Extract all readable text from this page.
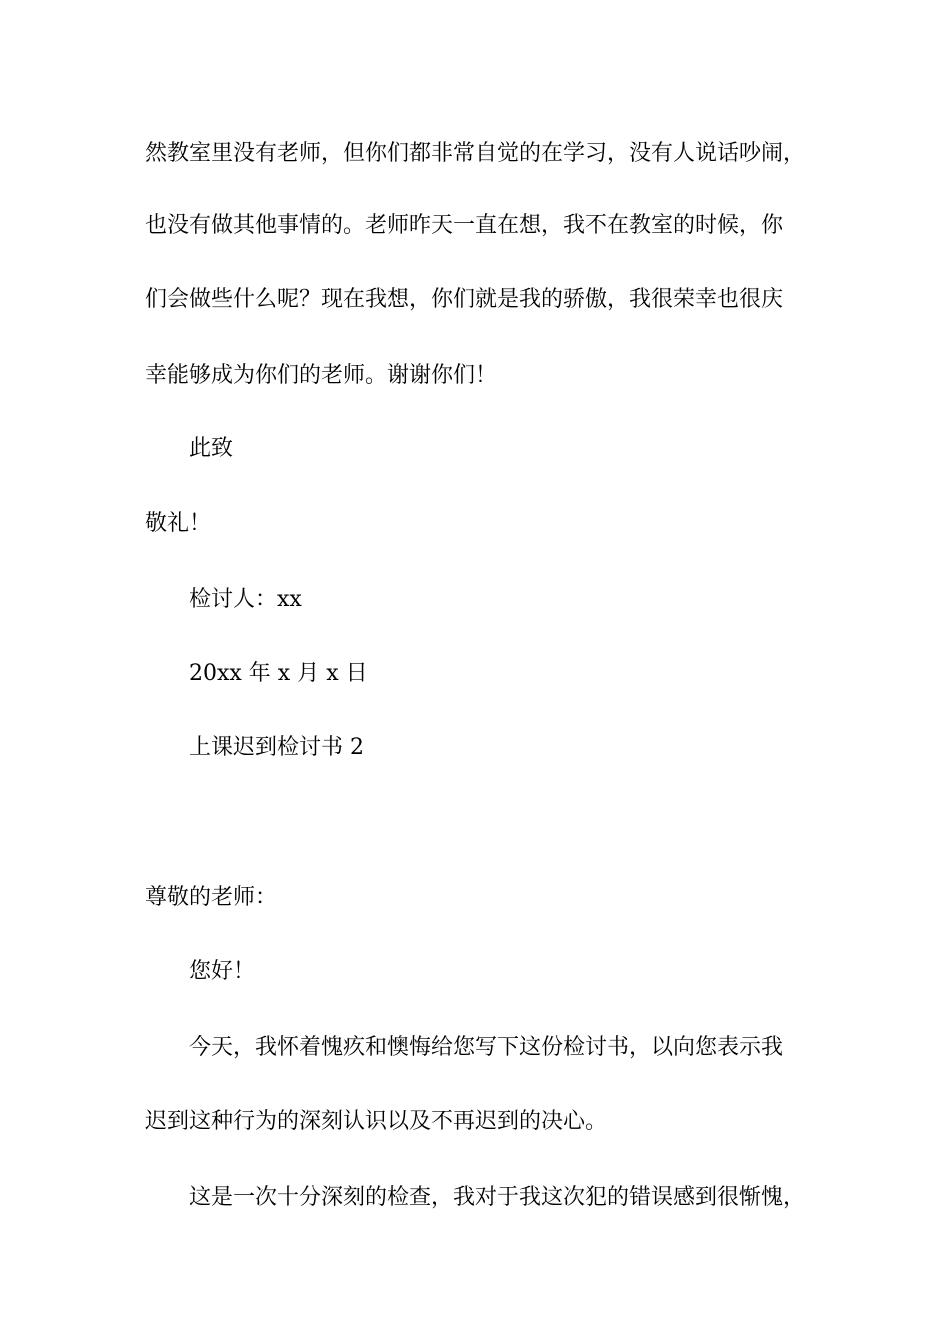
然教室里没有老师，但你们都非常自觉的在学习，没有人说话吵闹，
也没有做其他事情的。老师昨天一直在想，我不在教室的时候，你
们会做些什么呢？现在我想，你们就是我的骄傲，我很荣幸也很庆
幸能够成为你们的老师。谢谢你们！
此致
敬礼！
检讨人：xx
20xx 年 x 月 x 日
上课迟到检讨书 2
尊敬的老师：
您好！
今天，我怀着愧疚和懊悔给您写下这份检讨书，以向您表示我
迟到这种行为的深刻认识以及不再迟到的决心。
这是一次十分深刻的检查，我对于我这次犯的错误感到很惭愧，
